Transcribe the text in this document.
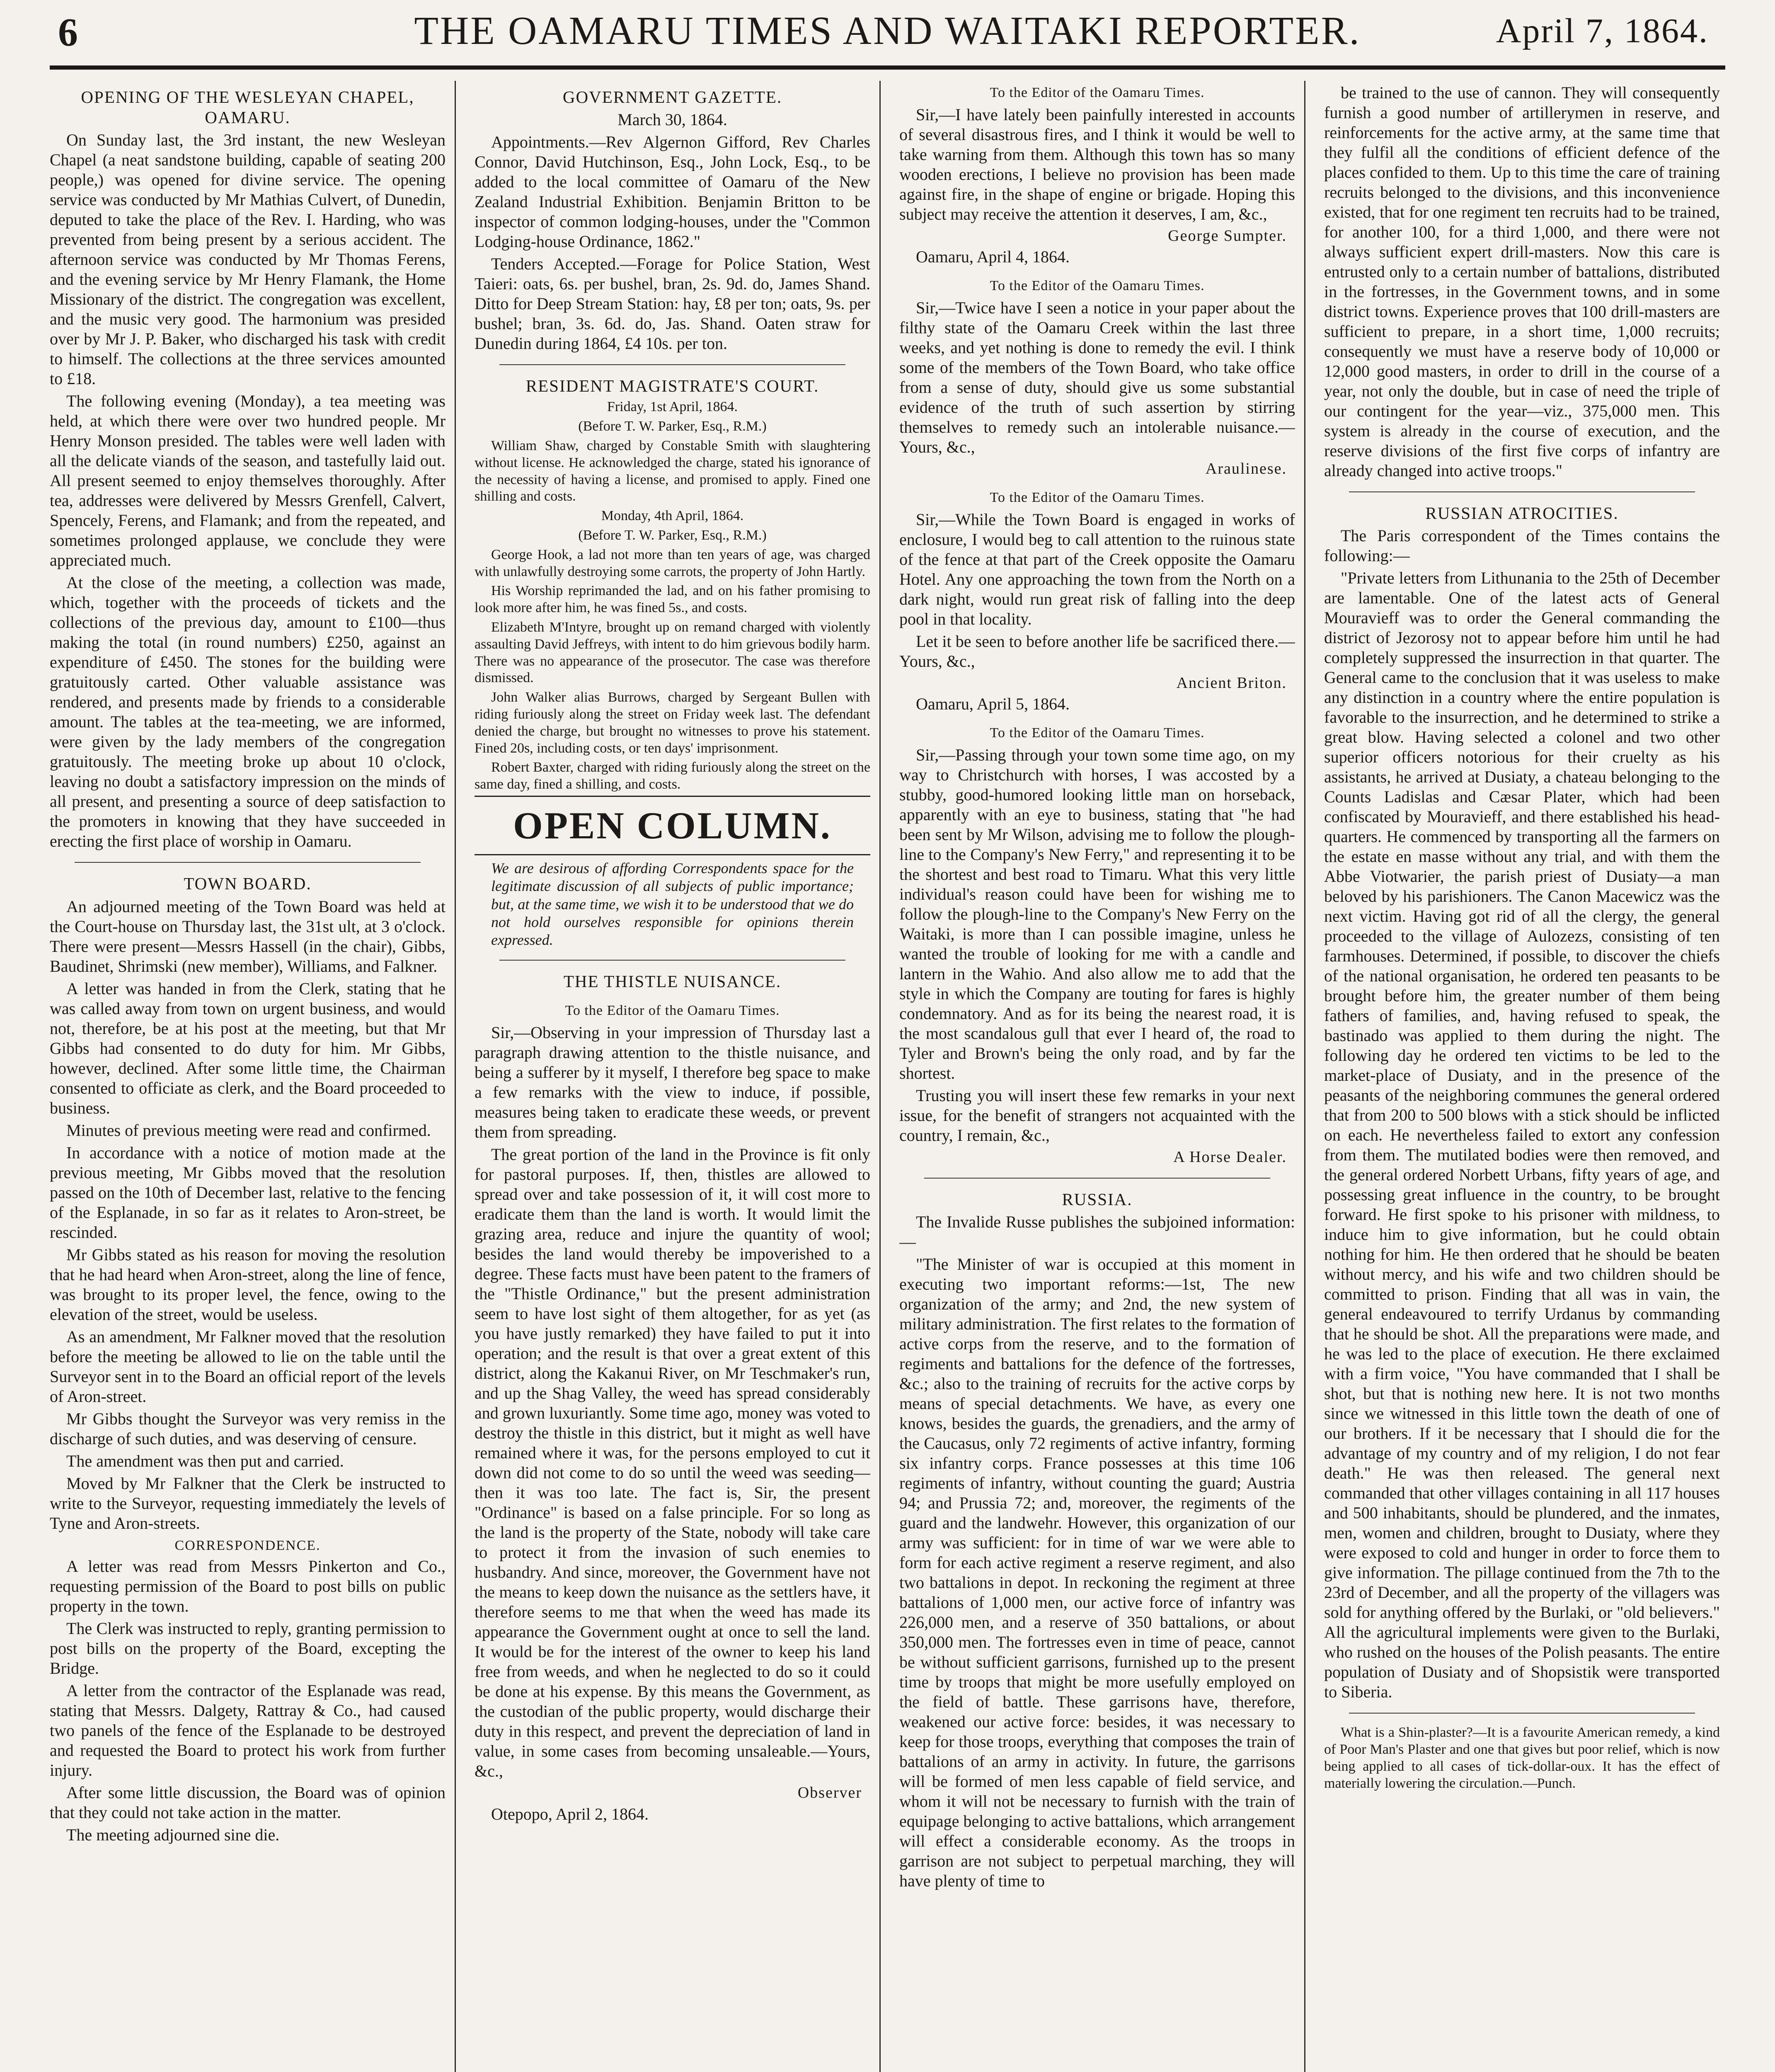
6	THE OAMARU TIMES AND WAITAKI REPORTER.	April 7, 1864.
OPENING OF THE WESLEYAN CHAPEL, OAMARU.

On Sunday last, the 3rd instant, the new Wesleyan Chapel (a neat sandstone building, capable of seating 200 people,) was opened for divine service. The opening service was conducted by Mr Mathias Culvert, of Dunedin, deputed to take the place of the Rev. I. Harding, who was prevented from being present by a serious accident. The afternoon service was conducted by Mr Thomas Ferens, and the evening service by Mr Henry Flamank, the Home Missionary of the district. The congregation was excellent, and the music very good. The harmonium was presided over by Mr J. P. Baker, who discharged his task with credit to himself. The collections at the three services amounted to £18.

The following evening (Monday), a tea meeting was held, at which there were over two hundred people. Mr Henry Monson presided. The tables were well laden with all the delicate viands of the season, and tastefully laid out. All present seemed to enjoy themselves thoroughly. After tea, addresses were delivered by Messrs Grenfell, Calvert, Spencely, Ferens, and Flamank; and from the repeated, and sometimes prolonged applause, we conclude they were appreciated much.

At the close of the meeting, a collection was made, which, together with the proceeds of tickets and the collections of the previous day, amount to £100—thus making the total (in round numbers) £250, against an expenditure of £450. The stones for the building were gratuitously carted. Other valuable assistance was rendered, and presents made by friends to a considerable amount. The tables at the tea-meeting, we are informed, were given by the lady members of the congregation gratuitously. The meeting broke up about 10 o'clock, leaving no doubt a satisfactory impression on the minds of all present, and presenting a source of deep satisfaction to the promoters in knowing that they have succeeded in erecting the first place of worship in Oamaru.

TOWN BOARD.

An adjourned meeting of the Town Board was held at the Court-house on Thursday last, the 31st ult, at 3 o'clock. There were present—Messrs Hassell (in the chair), Gibbs, Baudinet, Shrimski (new member), Williams, and Falkner.

A letter was handed in from the Clerk, stating that he was called away from town on urgent business, and would not, therefore, be at his post at the meeting, but that Mr Gibbs had consented to do duty for him. Mr Gibbs, however, declined. After some little time, the Chairman consented to officiate as clerk, and the Board proceeded to business.

Minutes of previous meeting were read and confirmed.

In accordance with a notice of motion made at the previous meeting, Mr Gibbs moved that the resolution passed on the 10th of December last, relative to the fencing of the Esplanade, in so far as it relates to Aron-street, be rescinded.

Mr Gibbs stated as his reason for moving the resolution that he had heard when Aron-street, along the line of fence, was brought to its proper level, the fence, owing to the elevation of the street, would be useless.

As an amendment, Mr Falkner moved that the resolution before the meeting be allowed to lie on the table until the Surveyor sent in to the Board an official report of the levels of Aron-street.

Mr Gibbs thought the Surveyor was very remiss in the discharge of such duties, and was deserving of censure.

The amendment was then put and carried.

Moved by Mr Falkner that the Clerk be instructed to write to the Surveyor, requesting immediately the levels of Tyne and Aron-streets.

CORRESPONDENCE.

A letter was read from Messrs Pinkerton and Co., requesting permission of the Board to post bills on public property in the town.

The Clerk was instructed to reply, granting permission to post bills on the property of the Board, excepting the Bridge.

A letter from the contractor of the Esplanade was read, stating that Messrs. Dalgety, Rattray & Co., had caused two panels of the fence of the Esplanade to be destroyed and requested the Board to protect his work from further injury.

After some little discussion, the Board was of opinion that they could not take action in the matter.

The meeting adjourned sine die.

GOVERNMENT GAZETTE.
March 30, 1864.

Appointments.—Rev Algernon Gifford, Rev Charles Connor, David Hutchinson, Esq., John Lock, Esq., to be added to the local committee of Oamaru of the New Zealand Industrial Exhibition. Benjamin Britton to be inspector of common lodging-houses, under the "Common Lodging-house Ordinance, 1862."

Tenders Accepted.—Forage for Police Station, West Taieri: oats, 6s. per bushel, bran, 2s. 9d. do, James Shand. Ditto for Deep Stream Station: hay, £8 per ton; oats, 9s. per bushel; bran, 3s. 6d. do, Jas. Shand. Oaten straw for Dunedin during 1864, £4 10s. per ton.

RESIDENT MAGISTRATE'S COURT.
Friday, 1st April, 1864.
(Before T. W. Parker, Esq., R.M.)

William Shaw, charged by Constable Smith with slaughtering without license. He acknowledged the charge, stated his ignorance of the necessity of having a license, and promised to apply. Fined one shilling and costs.

Monday, 4th April, 1864.
(Before T. W. Parker, Esq., R.M.)

George Hook, a lad not more than ten years of age, was charged with unlawfully destroying some carrots, the property of John Hartly.

His Worship reprimanded the lad, and on his father promising to look more after him, he was fined 5s., and costs.

Elizabeth M'Intyre, brought up on remand charged with violently assaulting David Jeffreys, with intent to do him grievous bodily harm. There was no appearance of the prosecutor. The case was therefore dismissed.

John Walker alias Burrows, charged by Sergeant Bullen with riding furiously along the street on Friday week last. The defendant denied the charge, but brought no witnesses to prove his statement. Fined 20s, including costs, or ten days' imprisonment.

Robert Baxter, charged with riding furiously along the street on the same day, fined a shilling, and costs.

OPEN COLUMN.
We are desirous of affording Correspondents space for the legitimate discussion of all subjects of public importance; but, at the same time, we wish it to be understood that we do not hold ourselves responsible for opinions therein expressed.
THE THISTLE NUISANCE.
To the Editor of the Oamaru Times.

Sir,—Observing in your impression of Thursday last a paragraph drawing attention to the thistle nuisance, and being a sufferer by it myself, I therefore beg space to make a few remarks with the view to induce, if possible, measures being taken to eradicate these weeds, or prevent them from spreading.

The great portion of the land in the Province is fit only for pastoral purposes. If, then, thistles are allowed to spread over and take possession of it, it will cost more to eradicate them than the land is worth. It would limit the grazing area, reduce and injure the quantity of wool; besides the land would thereby be impoverished to a degree. These facts must have been patent to the framers of the "Thistle Ordinance," but the present administration seem to have lost sight of them altogether, for as yet (as you have justly remarked) they have failed to put it into operation; and the result is that over a great extent of this district, along the Kakanui River, on Mr Teschmaker's run, and up the Shag Valley, the weed has spread considerably and grown luxuriantly. Some time ago, money was voted to destroy the thistle in this district, but it might as well have remained where it was, for the persons employed to cut it down did not come to do so until the weed was seeding—then it was too late. The fact is, Sir, the present "Ordinance" is based on a false principle. For so long as the land is the property of the State, nobody will take care to protect it from the invasion of such enemies to husbandry. And since, moreover, the Government have not the means to keep down the nuisance as the settlers have, it therefore seems to me that when the weed has made its appearance the Government ought at once to sell the land. It would be for the interest of the owner to keep his land free from weeds, and when he neglected to do so it could be done at his expense. By this means the Government, as the custodian of the public property, would discharge their duty in this respect, and prevent the depreciation of land in value, in some cases from becoming unsaleable.—Yours, &c.,

Observer
Otepopo, April 2, 1864.
To the Editor of the Oamaru Times.

Sir,—I have lately been painfully interested in accounts of several disastrous fires, and I think it would be well to take warning from them. Although this town has so many wooden erections, I believe no provision has been made against fire, in the shape of engine or brigade. Hoping this subject may receive the attention it deserves, I am, &c.,

George Sumpter.
Oamaru, April 4, 1864.
To the Editor of the Oamaru Times.

Sir,—Twice have I seen a notice in your paper about the filthy state of the Oamaru Creek within the last three weeks, and yet nothing is done to remedy the evil. I think some of the members of the Town Board, who take office from a sense of duty, should give us some substantial evidence of the truth of such assertion by stirring themselves to remedy such an intolerable nuisance.—Yours, &c.,

Araulinese.
To the Editor of the Oamaru Times.

Sir,—While the Town Board is engaged in works of enclosure, I would beg to call attention to the ruinous state of the fence at that part of the Creek opposite the Oamaru Hotel. Any one approaching the town from the North on a dark night, would run great risk of falling into the deep pool in that locality.

Let it be seen to before another life be sacrificed there.—Yours, &c.,

Ancient Briton.
Oamaru, April 5, 1864.
To the Editor of the Oamaru Times.

Sir,—Passing through your town some time ago, on my way to Christchurch with horses, I was accosted by a stubby, good-humored looking little man on horseback, apparently with an eye to business, stating that "he had been sent by Mr Wilson, advising me to follow the plough-line to the Company's New Ferry," and representing it to be the shortest and best road to Timaru. What this very little individual's reason could have been for wishing me to follow the plough-line to the Company's New Ferry on the Waitaki, is more than I can possible imagine, unless he wanted the trouble of looking for me with a candle and lantern in the Wahio. And also allow me to add that the style in which the Company are touting for fares is highly condemnatory. And as for its being the nearest road, it is the most scandalous gull that ever I heard of, the road to Tyler and Brown's being the only road, and by far the shortest.

Trusting you will insert these few remarks in your next issue, for the benefit of strangers not acquainted with the country, I remain, &c.,

A Horse Dealer.
RUSSIA.

The Invalide Russe publishes the subjoined information:—

"The Minister of war is occupied at this moment in executing two important reforms:—1st, The new organization of the army; and 2nd, the new system of military administration. The first relates to the formation of active corps from the reserve, and to the formation of regiments and battalions for the defence of the fortresses, &c.; also to the training of recruits for the active corps by means of special detachments. We have, as every one knows, besides the guards, the grenadiers, and the army of the Caucasus, only 72 regiments of active infantry, forming six infantry corps. France possesses at this time 106 regiments of infantry, without counting the guard; Austria 94; and Prussia 72; and, moreover, the regiments of the guard and the landwehr. However, this organization of our army was sufficient: for in time of war we were able to form for each active regiment a reserve regiment, and also two battalions in depot. In reckoning the regiment at three battalions of 1,000 men, our active force of infantry was 226,000 men, and a reserve of 350 battalions, or about 350,000 men. The fortresses even in time of peace, cannot be without sufficient garrisons, furnished up to the present time by troops that might be more usefully employed on the field of battle. These garrisons have, therefore, weakened our active force: besides, it was necessary to keep for those troops, everything that composes the train of battalions of an army in activity. In future, the garrisons will be formed of men less capable of field service, and whom it will not be necessary to furnish with the train of equipage belonging to active battalions, which arrangement will effect a considerable economy. As the troops in garrison are not subject to perpetual marching, they will have plenty of time to

be trained to the use of cannon. They will consequently furnish a good number of artillerymen in reserve, and reinforcements for the active army, at the same time that they fulfil all the conditions of efficient defence of the places confided to them. Up to this time the care of training recruits belonged to the divisions, and this inconvenience existed, that for one regiment ten recruits had to be trained, for another 100, for a third 1,000, and there were not always sufficient expert drill-masters. Now this care is entrusted only to a certain number of battalions, distributed in the fortresses, in the Government towns, and in some district towns. Experience proves that 100 drill-masters are sufficient to prepare, in a short time, 1,000 recruits; consequently we must have a reserve body of 10,000 or 12,000 good masters, in order to drill in the course of a year, not only the double, but in case of need the triple of our contingent for the year—viz., 375,000 men. This system is already in the course of execution, and the reserve divisions of the first five corps of infantry are already changed into active troops."

RUSSIAN ATROCITIES.

The Paris correspondent of the Times contains the following:—

"Private letters from Lithunania to the 25th of December are lamentable. One of the latest acts of General Mouravieff was to order the General commanding the district of Jezorosy not to appear before him until he had completely suppressed the insurrection in that quarter. The General came to the conclusion that it was useless to make any distinction in a country where the entire population is favorable to the insurrection, and he determined to strike a great blow. Having selected a colonel and two other superior officers notorious for their cruelty as his assistants, he arrived at Dusiaty, a chateau belonging to the Counts Ladislas and Cæsar Plater, which had been confiscated by Mouravieff, and there established his head-quarters. He commenced by transporting all the farmers on the estate en masse without any trial, and with them the Abbe Viotwarier, the parish priest of Dusiaty—a man beloved by his parishioners. The Canon Macewicz was the next victim. Having got rid of all the clergy, the general proceeded to the village of Aulozezs, consisting of ten farmhouses. Determined, if possible, to discover the chiefs of the national organisation, he ordered ten peasants to be brought before him, the greater number of them being fathers of families, and, having refused to speak, the bastinado was applied to them during the night. The following day he ordered ten victims to be led to the market-place of Dusiaty, and in the presence of the peasants of the neighboring communes the general ordered that from 200 to 500 blows with a stick should be inflicted on each. He nevertheless failed to extort any confession from them. The mutilated bodies were then removed, and the general ordered Norbett Urbans, fifty years of age, and possessing great influence in the country, to be brought forward. He first spoke to his prisoner with mildness, to induce him to give information, but he could obtain nothing for him. He then ordered that he should be beaten without mercy, and his wife and two children should be committed to prison. Finding that all was in vain, the general endeavoured to terrify Urdanus by commanding that he should be shot. All the preparations were made, and he was led to the place of execution. He there exclaimed with a firm voice, "You have commanded that I shall be shot, but that is nothing new here. It is not two months since we witnessed in this little town the death of one of our brothers. If it be necessary that I should die for the advantage of my country and of my religion, I do not fear death." He was then released. The general next commanded that other villages containing in all 117 houses and 500 inhabitants, should be plundered, and the inmates, men, women and children, brought to Dusiaty, where they were exposed to cold and hunger in order to force them to give information. The pillage continued from the 7th to the 23rd of December, and all the property of the villagers was sold for anything offered by the Burlaki, or "old believers." All the agricultural implements were given to the Burlaki, who rushed on the houses of the Polish peasants. The entire population of Dusiaty and of Shopsistik were transported to Siberia.

What is a Shin-plaster?—It is a favourite American remedy, a kind of Poor Man's Plaster and one that gives but poor relief, which is now being applied to all cases of tick-dollar-oux. It has the effect of materially lowering the circulation.—Punch.
